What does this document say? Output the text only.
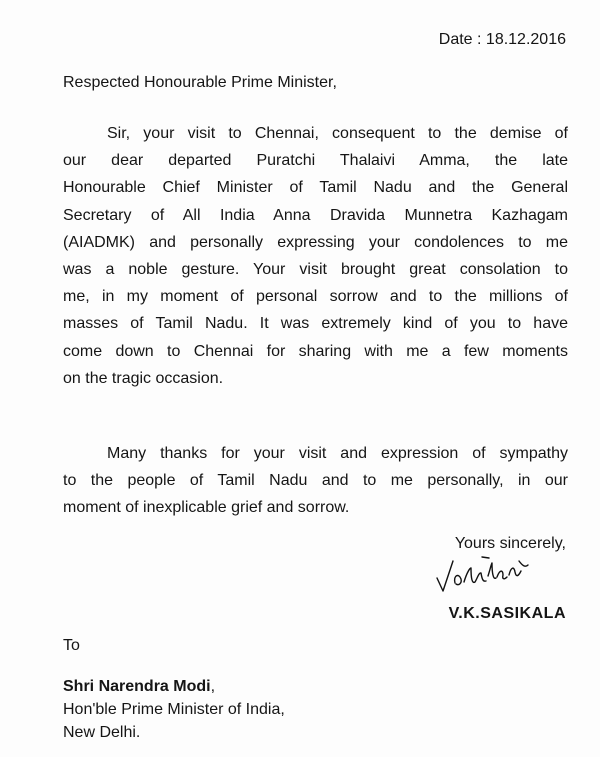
Date : 18.12.2016
Respected Honourable Prime Minister,

Sir, your visit to Chennai, consequent to the demise of
our dear departed Puratchi Thalaivi Amma, the late
Honourable Chief Minister of Tamil Nadu and the General
Secretary of All India Anna Dravida Munnetra Kazhagam
(AIADMK) and personally expressing your condolences to me
was a noble gesture. Your visit brought great consolation to
me, in my moment of personal sorrow and to the millions of
masses of Tamil Nadu. It was extremely kind of you to have
come down to Chennai for sharing with me a few moments
on the tragic occasion.

Many thanks for your visit and expression of sympathy
to the people of Tamil Nadu and to me personally, in our
moment of inexplicable grief and sorrow.

Yours sincerely,
V.K.SASIKALA
To
Shri Narendra Modi,
Hon'ble Prime Minister of India,
New Delhi.
